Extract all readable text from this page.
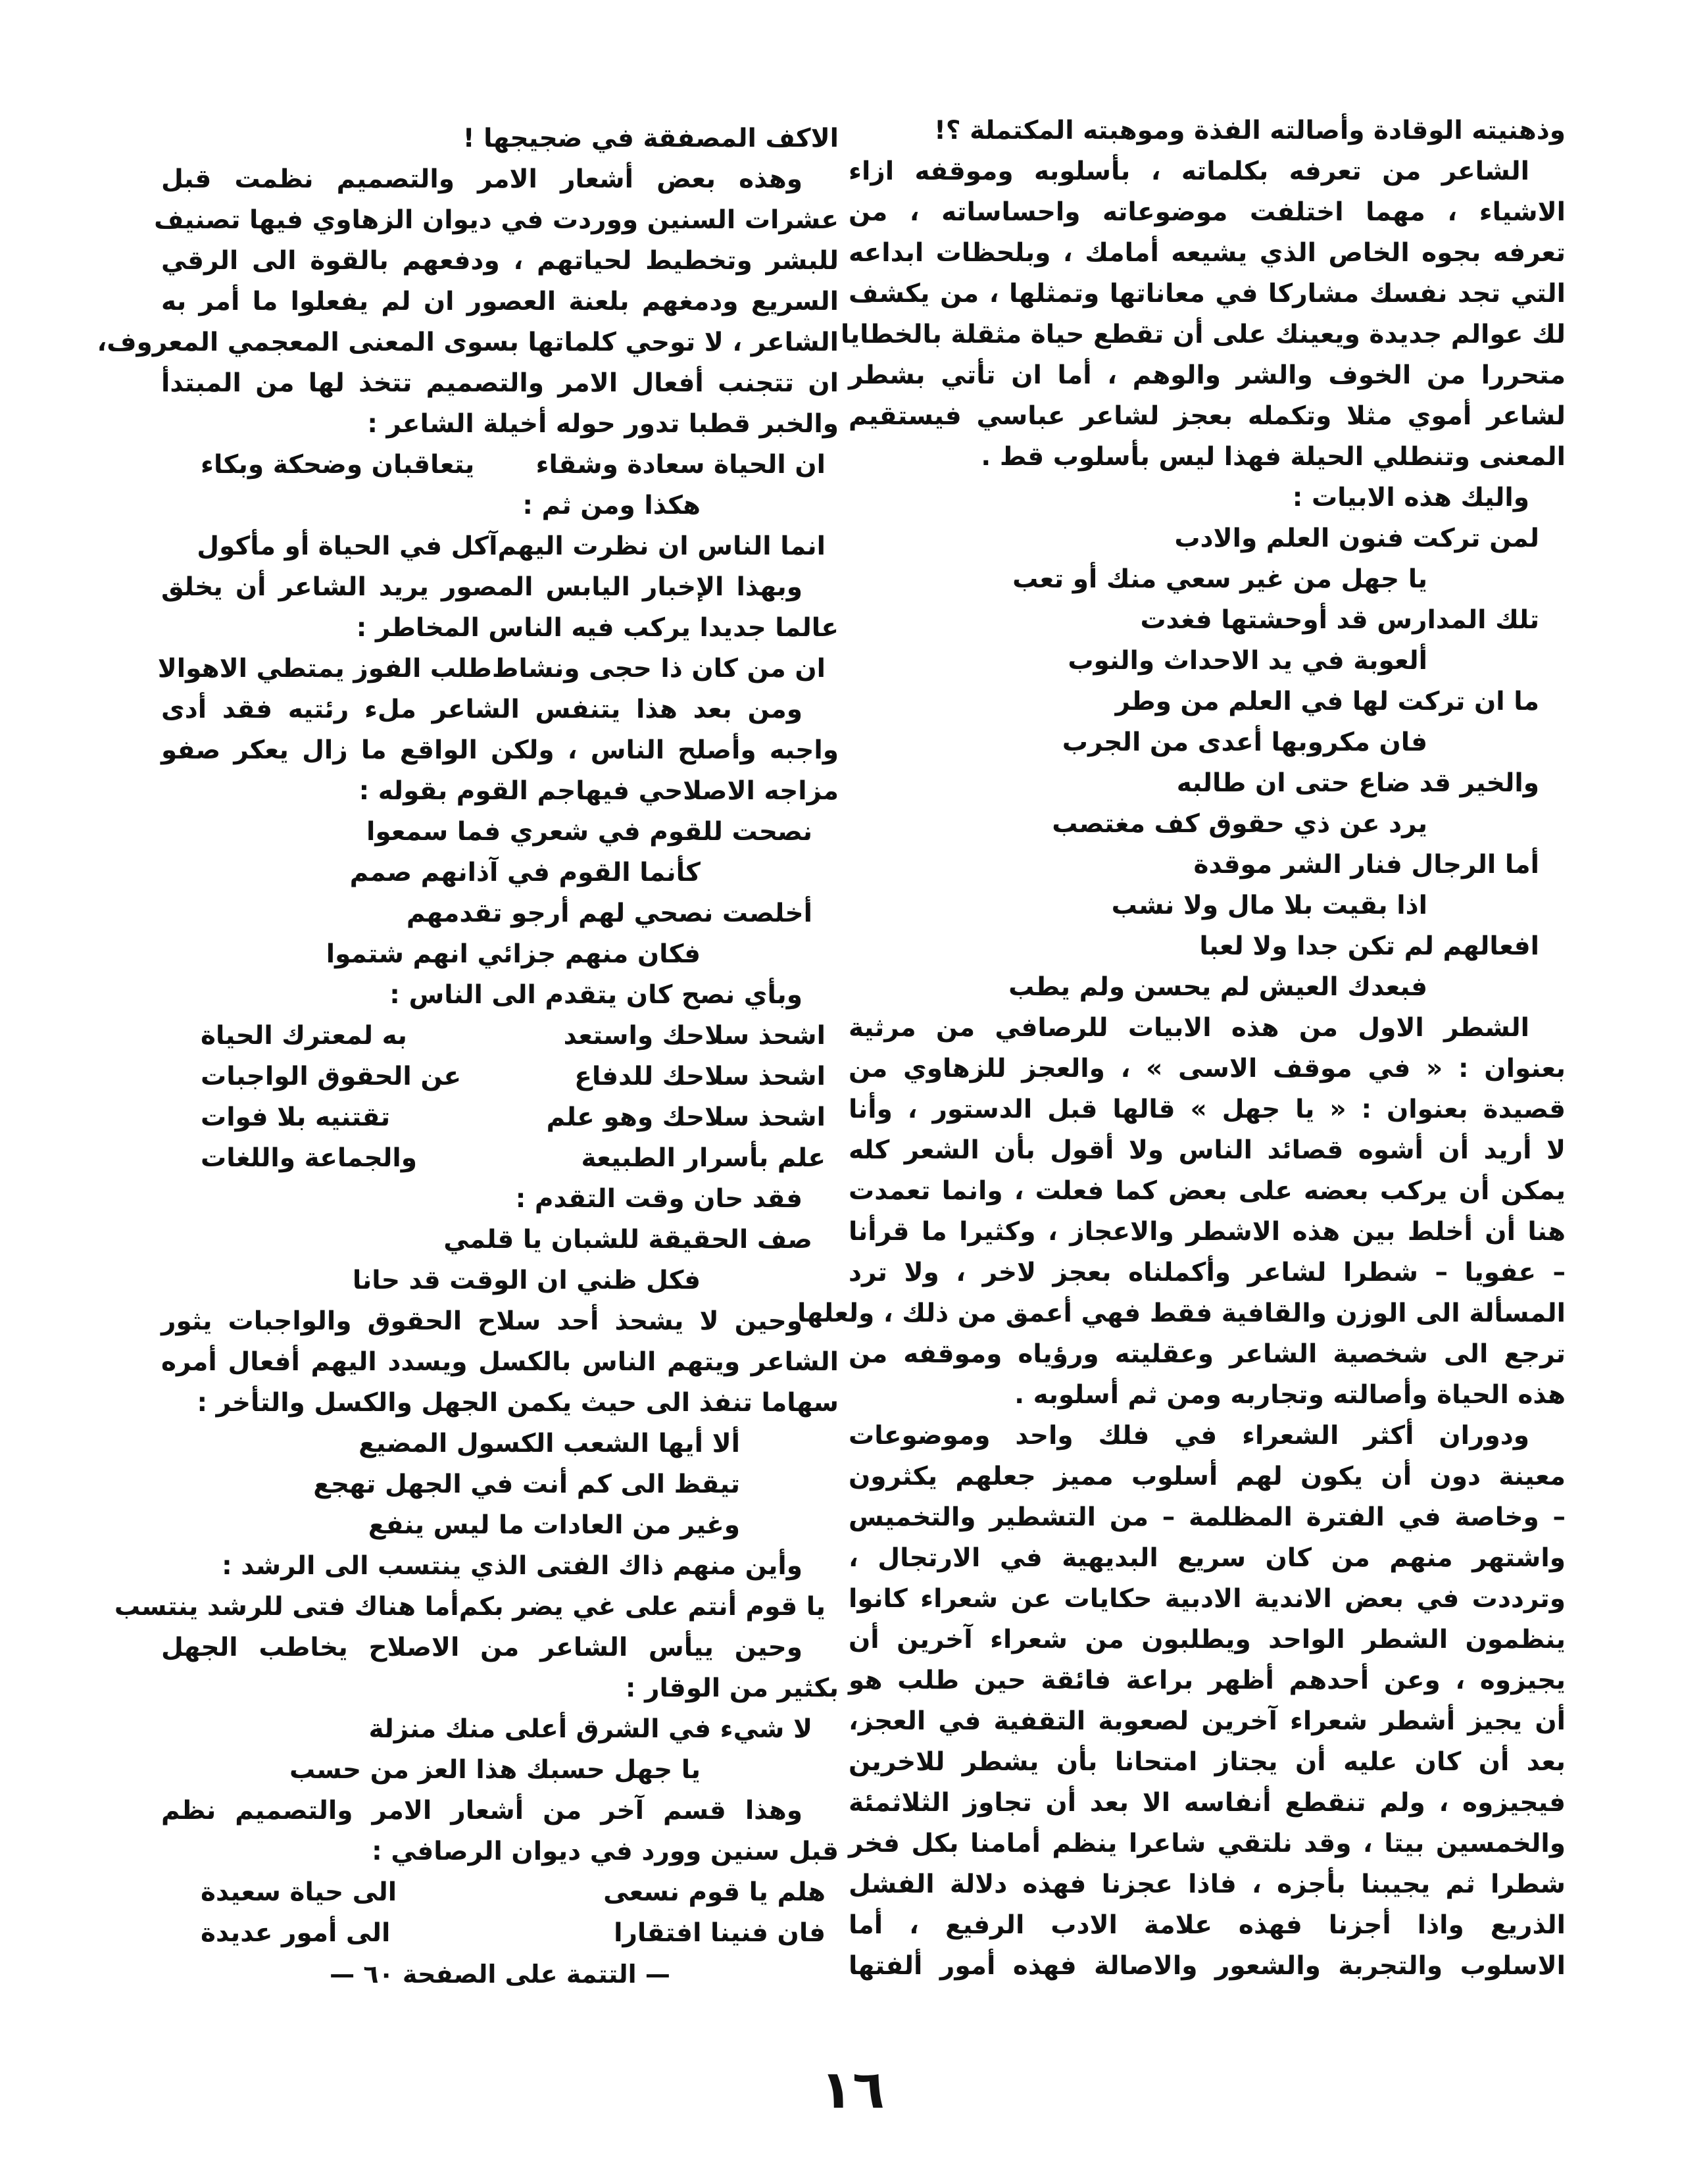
وذهنيته الوقادة وأصالته الفذة وموهبته المكتملة ؟!
الشاعر من تعرفه بكلماته ، بأسلوبه وموقفه ازاء
الاشياء ، مهما اختلفت موضوعاته واحساساته ، من
تعرفه بجوه الخاص الذي يشيعه أمامك ، وبلحظات ابداعه
التي تجد نفسك مشاركا في معاناتها وتمثلها ، من يكشف
لك عوالم جديدة ويعينك على أن تقطع حياة مثقلة بالخطايا
متحررا من الخوف والشر والوهم ، أما ان تأتي بشطر
لشاعر أموي مثلا وتكمله بعجز لشاعر عباسي فيستقيم
المعنى وتنطلي الحيلة فهذا ليس بأسلوب قط .
واليك هذه الابيات :
لمن تركت فنون العلم والادب
يا جهل من غير سعي منك أو تعب
تلك المدارس قد أوحشتها فغدت
ألعوبة في يد الاحداث والنوب
ما ان تركت لها في العلم من وطر
فان مكروبها أعدى من الجرب
والخير قد ضاع حتى ان طالبه
يرد عن ذي حقوق كف مغتصب
أما الرجال فنار الشر موقدة
اذا بقيت بلا مال ولا نشب
افعالهم لم تكن جدا ولا لعبا
فبعدك العيش لم يحسن ولم يطب
الشطر الاول من هذه الابيات للرصافي من مرثية
بعنوان : « في موقف الاسى » ، والعجز للزهاوي من
قصيدة بعنوان : « يا جهل » قالها قبل الدستور ، وأنا
لا أريد أن أشوه قصائد الناس ولا أقول بأن الشعر كله
يمكن أن يركب بعضه على بعض كما فعلت ، وانما تعمدت
هنا أن أخلط بين هذه الاشطر والاعجاز ، وكثيرا ما قرأنا
– عفويا – شطرا لشاعر وأكملناه بعجز لاخر ، ولا ترد
المسألة الى الوزن والقافية فقط فهي أعمق من ذلك ، ولعلها
ترجع الى شخصية الشاعر وعقليته ورؤياه وموقفه من
هذه الحياة وأصالته وتجاربه ومن ثم أسلوبه .
ودوران أكثر الشعراء في فلك واحد وموضوعات
معينة دون أن يكون لهم أسلوب مميز جعلهم يكثرون
– وخاصة في الفترة المظلمة – من التشطير والتخميس
واشتهر منهم من كان سريع البديهية في الارتجال ،
وترددت في بعض الاندية الادبية حكايات عن شعراء كانوا
ينظمون الشطر الواحد ويطلبون من شعراء آخرين أن
يجيزوه ، وعن أحدهم أظهر براعة فائقة حين طلب هو
أن يجيز أشطر شعراء آخرين لصعوبة التقفية في العجز،
بعد أن كان عليه أن يجتاز امتحانا بأن يشطر للاخرين
فيجيزوه ، ولم تنقطع أنفاسه الا بعد أن تجاوز الثلاثمئة
والخمسين بيتا ، وقد نلتقي شاعرا ينظم أمامنا بكل فخر
شطرا ثم يجيبنا بأجزه ، فاذا عجزنا فهذه دلالة الفشل
الذريع واذا أجزنا فهذه علامة الادب الرفيع ، أما
الاسلوب والتجربة والشعور والاصالة فهذه أمور ألفتها
الاكف المصفقة في ضجيجها !
وهذه بعض أشعار الامر والتصميم نظمت قبل
عشرات السنين ووردت في ديوان الزهاوي فيها تصنيف
للبشر وتخطيط لحياتهم ، ودفعهم بالقوة الى الرقي
السريع ودمغهم بلعنة العصور ان لم يفعلوا ما أمر به
الشاعر ، لا توحي كلماتها بسوى المعنى المعجمي المعروف،
ان تتجنب أفعال الامر والتصميم تتخذ لها من المبتدأ
والخبر قطبا تدور حوله أخيلة الشاعر :
ان الحياة سعادة وشقاء
يتعاقبان وضحكة وبكاء
هكذا ومن ثم :
انما الناس ان نظرت اليهم
آكل في الحياة أو مأكول
وبهذا الإخبار اليابس المصور يريد الشاعر أن يخلق
عالما جديدا يركب فيه الناس المخاطر :
ان من كان ذا حجى ونشاط
طلب الفوز يمتطي الاهوالا
ومن بعد هذا يتنفس الشاعر ملء رئتيه فقد أدى
واجبه وأصلح الناس ، ولكن الواقع ما زال يعكر صفو
مزاجه الاصلاحي فيهاجم القوم بقوله :
نصحت للقوم في شعري فما سمعوا
كأنما القوم في آذانهم صمم
أخلصت نصحي لهم أرجو تقدمهم
فكان منهم جزائي انهم شتموا
وبأي نصح كان يتقدم الى الناس :
اشحذ سلاحك واستعد
به لمعترك الحياة
اشحذ سلاحك للدفاع
عن الحقوق الواجبات
اشحذ سلاحك وهو علم
تقتنيه بلا فوات
علم بأسرار الطبيعة
والجماعة واللغات
فقد حان وقت التقدم :
صف الحقيقة للشبان يا قلمي
فكل ظني ان الوقت قد حانا
وحين لا يشحذ أحد سلاح الحقوق والواجبات يثور
الشاعر ويتهم الناس بالكسل ويسدد اليهم أفعال أمره
سهاما تنفذ الى حيث يكمن الجهل والكسل والتأخر :
ألا أيها الشعب الكسول المضيع
تيقظ الى كم أنت في الجهل تهجع
وغير من العادات ما ليس ينفع
وأين منهم ذاك الفتى الذي ينتسب الى الرشد :
يا قوم أنتم على غي يضر بكم
أما هناك فتى للرشد ينتسب
وحين ييأس الشاعر من الاصلاح يخاطب الجهل
بكثير من الوقار :
لا شيء في الشرق أعلى منك منزلة
يا جهل حسبك هذا العز من حسب
وهذا قسم آخر من أشعار الامر والتصميم نظم
قبل سنين وورد في ديوان الرصافي :
هلم يا قوم نسعى
الى حياة سعيدة
فان فنينا افتقارا
الى أمور عديدة
— التتمة على الصفحة ٦٠ —
١٦
